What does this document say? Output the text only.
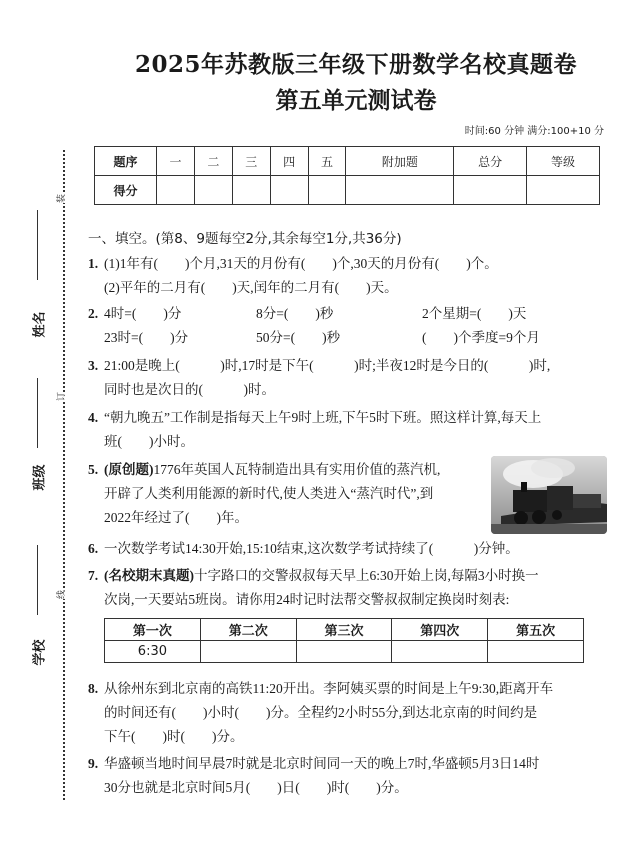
装
订
线
姓名
班级
学校
2025年苏教版三年级下册数学名校真题卷
第五单元测试卷
时间:60 分钟 满分:100+10 分
题序	一	二	三	四	五	附加题	总分	等级
得分								
一、填空。(第8、9题每空2分,其余每空1分,共36分)
1. (1)1年有(　　)个月,31天的月份有(　　)个,30天的月份有(　　)个。
(2)平年的二月有(　　)天,闰年的二月有(　　)天。
2. 4时=(　　)分	8分=(　　)秒	2个星期=(　　)天
23时=(　　)分	50分=(　　)秒	(　　)个季度=9个月
3. 21:00是晚上(　　　)时,17时是下午(　　　)时;半夜12时是今日的(　　　)时,
同时也是次日的(　　　)时。
4. “朝九晚五”工作制是指每天上午9时上班,下午5时下班。照这样计算,每天上
班(　　)小时。
5. (原创题)1776年英国人瓦特制造出具有实用价值的蒸汽机,
开辟了人类利用能源的新时代,使人类进入“蒸汽时代”,到
2022年经过了(　　)年。
6. 一次数学考试14:30开始,15:10结束,这次数学考试持续了(　　　)分钟。
7. (名校期末真题)十字路口的交警叔叔每天早上6:30开始上岗,每隔3小时换一
次岗,一天要站5班岗。请你用24时记时法帮交警叔叔制定换岗时刻表:
第一次	第二次	第三次	第四次	第五次
6:30				
8. 从徐州东到北京南的高铁11:20开出。李阿姨买票的时间是上午9:30,距离开车
的时间还有(　　)小时(　　)分。全程约2小时55分,到达北京南的时间约是
下午(　　)时(　　)分。
9. 华盛顿当地时间早晨7时就是北京时间同一天的晚上7时,华盛顿5月3日14时
30分也就是北京时间5月(　　)日(　　)时(　　)分。
